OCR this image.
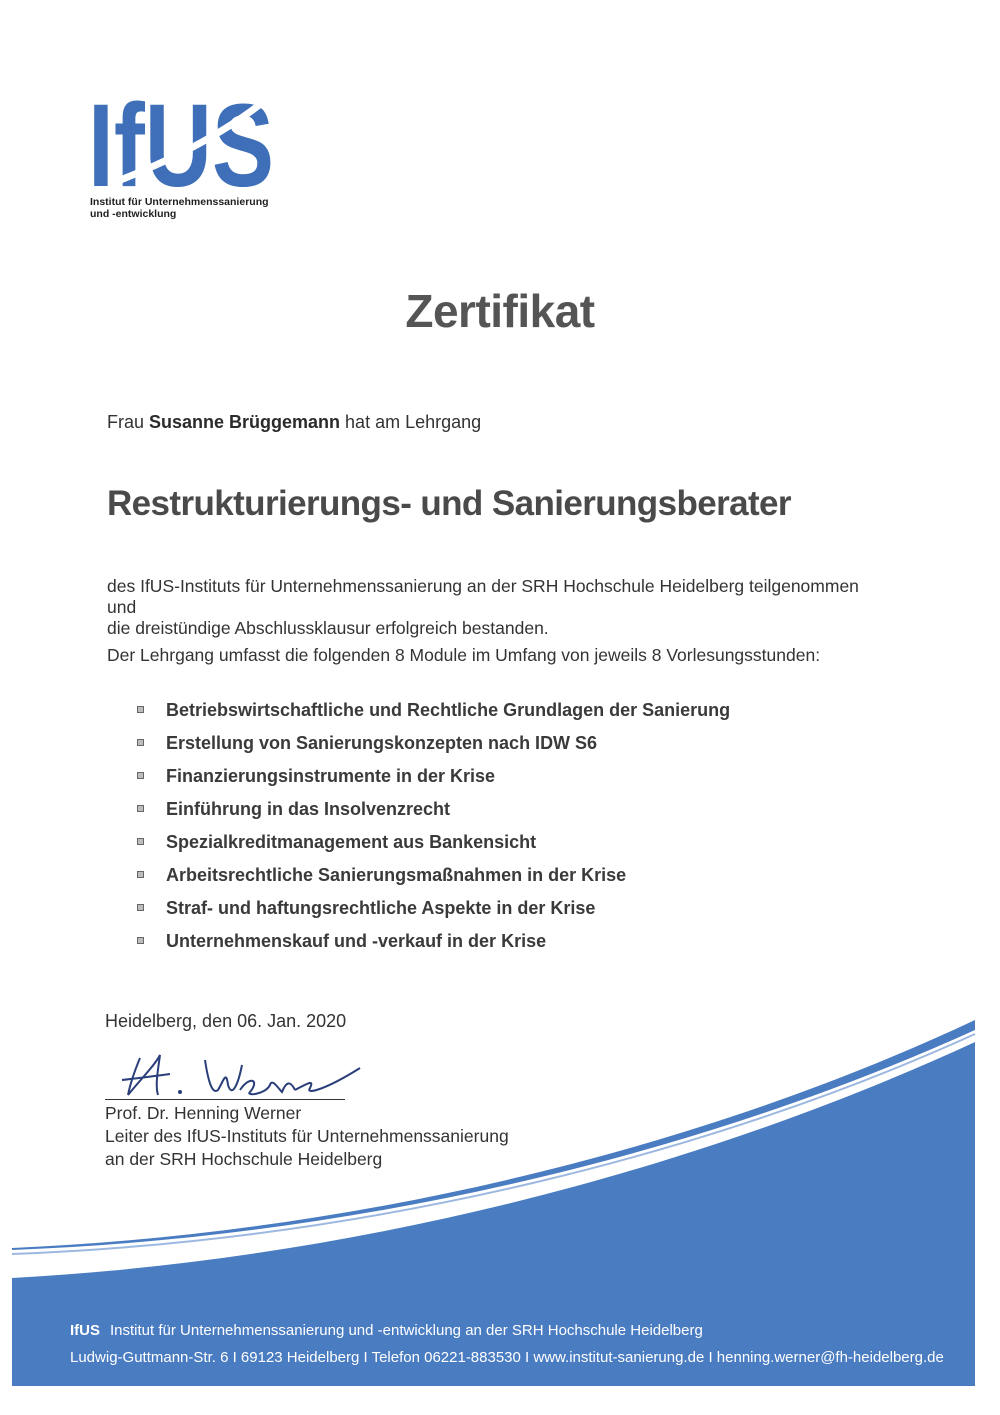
IfUS
Institut für Unternehmenssanierung
und -entwicklung
Zertifikat
Frau Susanne Brüggemann hat am Lehrgang
Restrukturierungs- und Sanierungsberater
des IfUS-Instituts für Unternehmenssanierung an der SRH Hochschule Heidelberg teilgenommen und
die dreistündige Abschlussklausur erfolgreich bestanden.
Der Lehrgang umfasst die folgenden 8 Module im Umfang von jeweils 8 Vorlesungsstunden:
Betriebswirtschaftliche und Rechtliche Grundlagen der Sanierung
Erstellung von Sanierungskonzepten nach IDW S6
Finanzierungsinstrumente in der Krise
Einführung in das Insolvenzrecht
Spezialkreditmanagement aus Bankensicht
Arbeitsrechtliche Sanierungsmaßnahmen in der Krise
Straf- und haftungsrechtliche Aspekte in der Krise
Unternehmenskauf und -verkauf in der Krise
Heidelberg, den 06. Jan. 2020
Prof. Dr. Henning Werner
Leiter des IfUS-Instituts für Unternehmenssanierung
an der SRH Hochschule Heidelberg
IfUS Institut für Unternehmenssanierung und -entwicklung an der SRH Hochschule Heidelberg
Ludwig-Guttmann-Str. 6 I 69123 Heidelberg I Telefon 06221-883530 I www.institut-sanierung.de I henning.werner@fh-heidelberg.de
